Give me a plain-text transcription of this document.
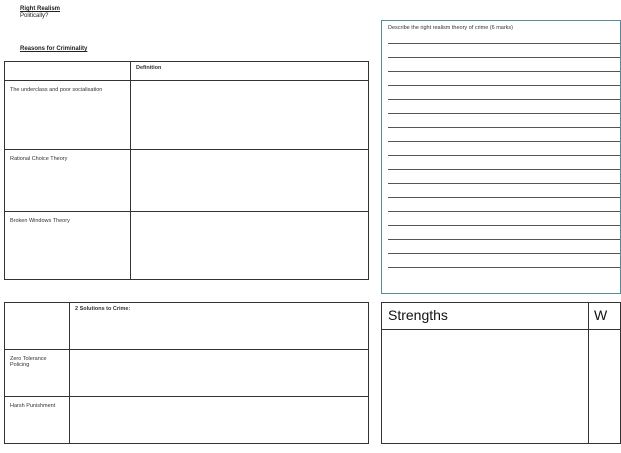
Right Realism
Politically?
Reasons for Criminality
	Definition
The underclass and poor socialisation	
Rational Choice Theory	
Broken Windows Theory	
	2 Solutions to Crime:
Zero Tolerance Policing	
Harsh Punishment	
Describe the right realism theory of crime (6 marks)
Strengths	W
